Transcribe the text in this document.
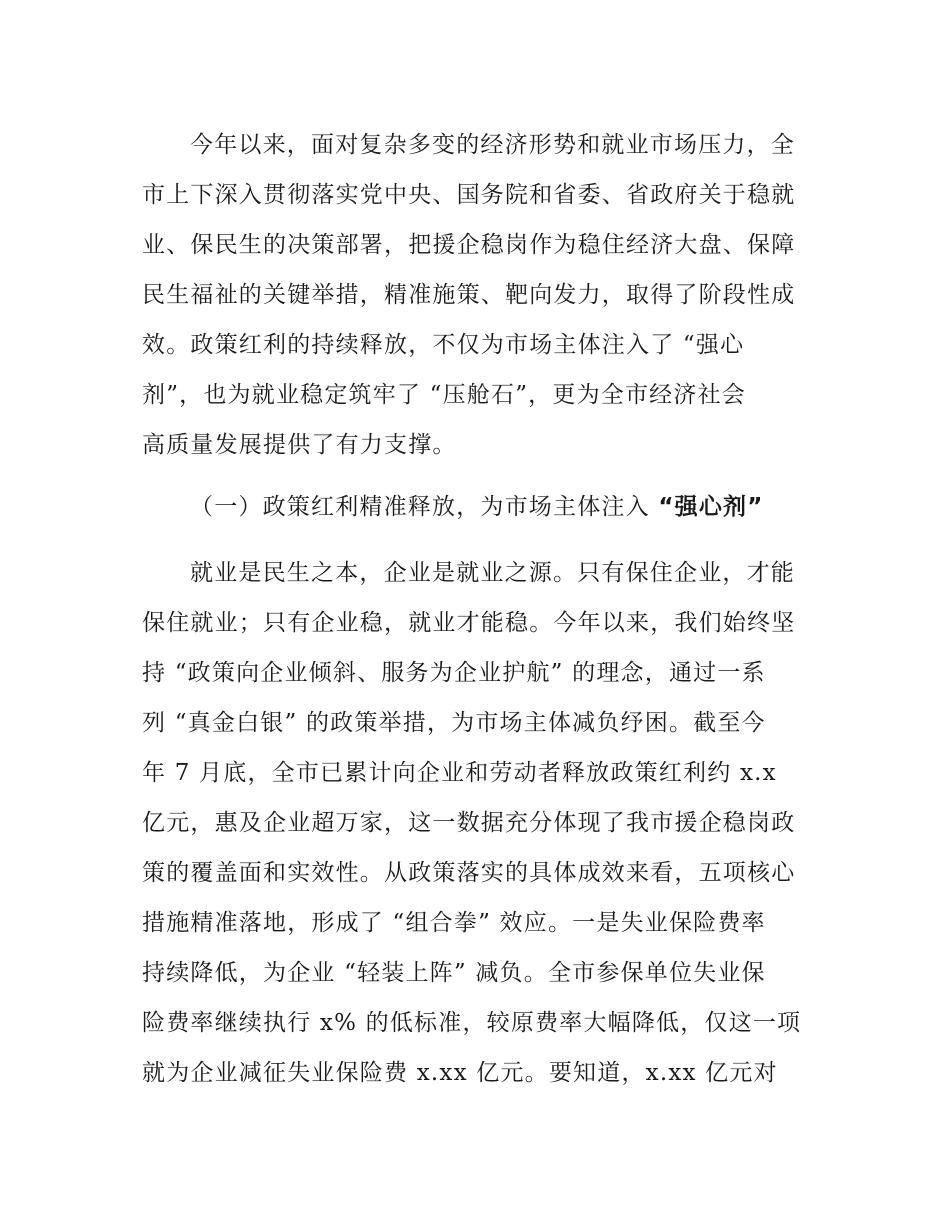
今年以来，面对复杂多变的经济形势和就业市场压力，全

市上下深入贯彻落实党中央、国务院和省委、省政府关于稳就

业、保民生的决策部署，把援企稳岗作为稳住经济大盘、保障

民生福祉的关键举措，精准施策、靶向发力，取得了阶段性成

效。政策红利的持续释放，不仅为市场主体注入了 “强心

剂”，也为就业稳定筑牢了 “压舱石”，更为全市经济社会

高质量发展提供了有力支撑。

（一）政策红利精准释放，为市场主体注入 “强心剂”

就业是民生之本，企业是就业之源。只有保住企业，才能

保住就业；只有企业稳，就业才能稳。今年以来，我们始终坚

持 “政策向企业倾斜、服务为企业护航” 的理念，通过一系

列 “真金白银” 的政策举措，为市场主体减负纾困。截至今

年 7 月底，全市已累计向企业和劳动者释放政策红利约 x.x

亿元，惠及企业超万家，这一数据充分体现了我市援企稳岗政

策的覆盖面和实效性。从政策落实的具体成效来看，五项核心

措施精准落地，形成了 “组合拳” 效应。一是失业保险费率

持续降低，为企业 “轻装上阵” 减负。全市参保单位失业保

险费率继续执行 x% 的低标准，较原费率大幅降低，仅这一项

就为企业减征失业保险费 x.xx 亿元。要知道，x.xx 亿元对
